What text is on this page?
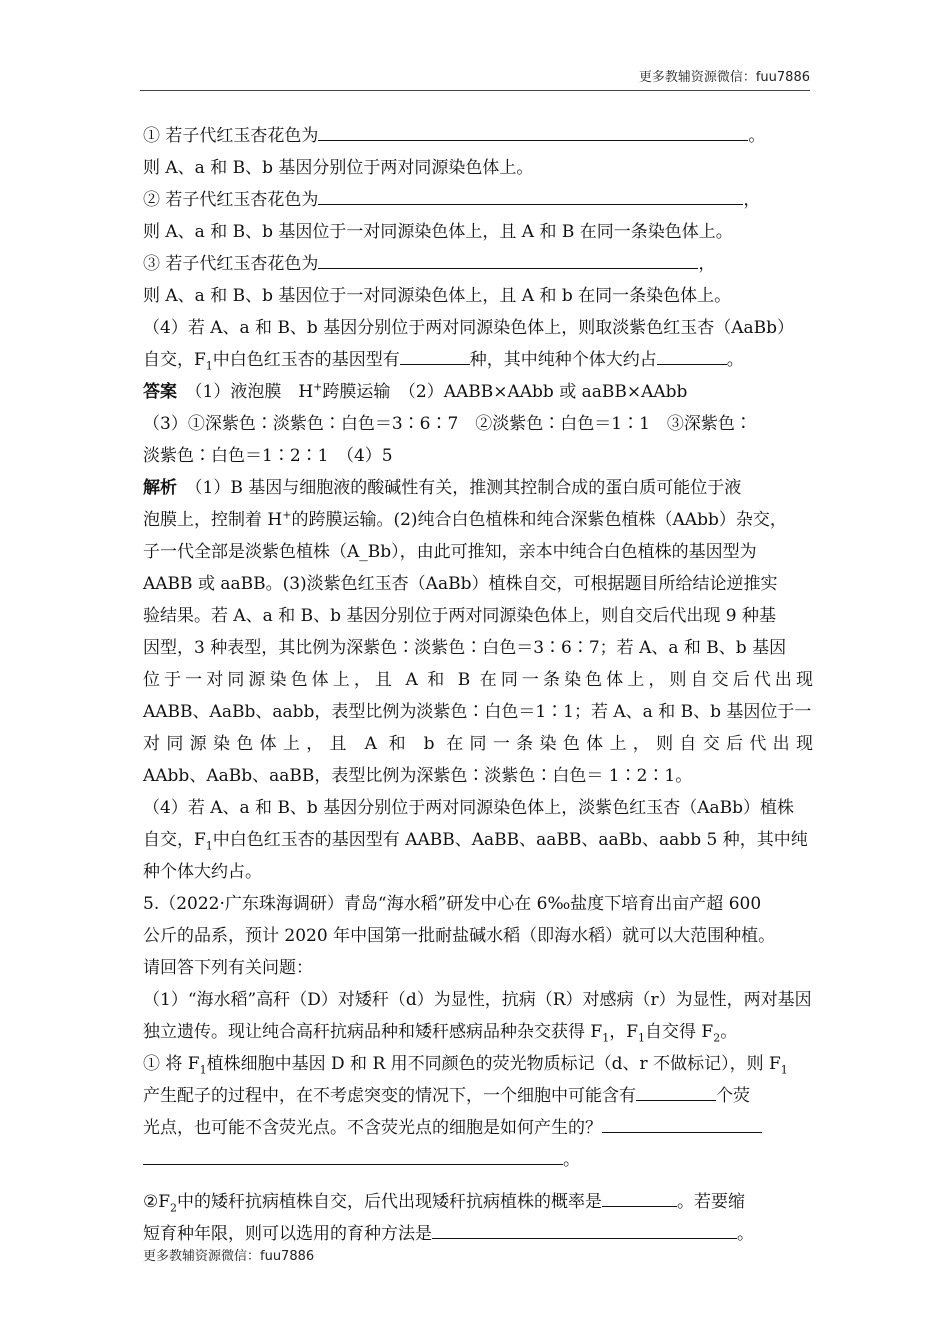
更多教辅资源微信：fuu7886
① 若子代红玉杏花色为	。
则 A、a 和 B、b 基因分别位于两对同源染色体上。
② 若子代红玉杏花色为	，
则 A、a 和 B、b 基因位于一对同源染色体上，且 A 和 B 在同一条染色体上。
③ 若子代红玉杏花色为	，
则 A、a 和 B、b 基因位于一对同源染色体上，且 A 和 b 在同一条染色体上。
（4）若 A、a 和 B、b 基因分别位于两对同源染色体上，则取淡紫色红玉杏（AaBb）
自交，$F_1$中白色红玉杏的基因型有	种，其中纯种个体大约占	。
答案　 （1）液泡膜　H+跨膜运输　（2）AABB×AAbb 或 aaBB×AAbb
（3）①深紫色∶淡紫色∶白色＝3∶6∶7　②淡紫色∶白色＝1∶1　③深紫色∶
淡紫色∶白色＝1∶2∶1　（4）5
解析　 （1）B 基因与细胞液的酸碱性有关，推测其控制合成的蛋白质可能位于液
泡膜上，控制着 H+的跨膜运输。(2)纯合白色植株和纯合深紫色植株（AAbb）杂交，
子一代全部是淡紫色植株（A_Bb），由此可推知，亲本中纯合白色植株的基因型为
AABB 或 aaBB。(3)淡紫色红玉杏（AaBb）植株自交，可根据题目所给结论逆推实
验结果。若 A、a 和 B、b 基因分别位于两对同源染色体上，则自交后代出现 9 种基
因型，3 种表型，其比例为深紫色∶淡紫色∶白色＝3∶6∶7；若 A、a 和 B、b 基因
位于一对同源染色体上，且 A 和 B 在同一条染色体上，则自交后代出现
AABB、AaBb、aabb，表型比例为淡紫色∶白色＝1∶1；若 A、a 和 B、b 基因位于一
对同源染色体上，且 A 和 b 在同一条染色体上，则自交后代出现
AAbb、AaBb、aaBB，表型比例为深紫色∶淡紫色∶白色＝ 1∶2∶1。
（4）若 A、a 和 B、b 基因分别位于两对同源染色体上，淡紫色红玉杏（AaBb）植株
自交，$F_1$中白色红玉杏的基因型有 AABB、AaBB、aaBB、aaBb、aabb 5 种，其中纯
种个体大约占。
5.（2022·广东珠海调研）青岛“海水稻”研发中心在 6‰盐度下培育出亩产超 600
公斤的品系，预计 2020 年中国第一批耐盐碱水稻（即海水稻）就可以大范围种植。
请回答下列有关问题：
（1）“海水稻”高秆（D）对矮秆（d）为显性，抗病（R）对感病（r）为显性，两对基因
独立遗传。现让纯合高秆抗病品种和矮秆感病品种杂交获得 $F_1$，$F_1$自交得 $F_2$。
① 将 $F_1$植株细胞中基因 D 和 R 用不同颜色的荧光物质标记（d、r 不做标记），则 $F_1$
产生配子的过程中，在不考虑突变的情况下，一个细胞中可能含有	个荧
光点，也可能不含荧光点。不含荧光点的细胞是如何产生的？
。
$②F_2$中的矮秆抗病植株自交，后代出现矮秆抗病植株的概率是	。若要缩
短育种年限，则可以选用的育种方法是	。
更多教辅资源微信：fuu7886
